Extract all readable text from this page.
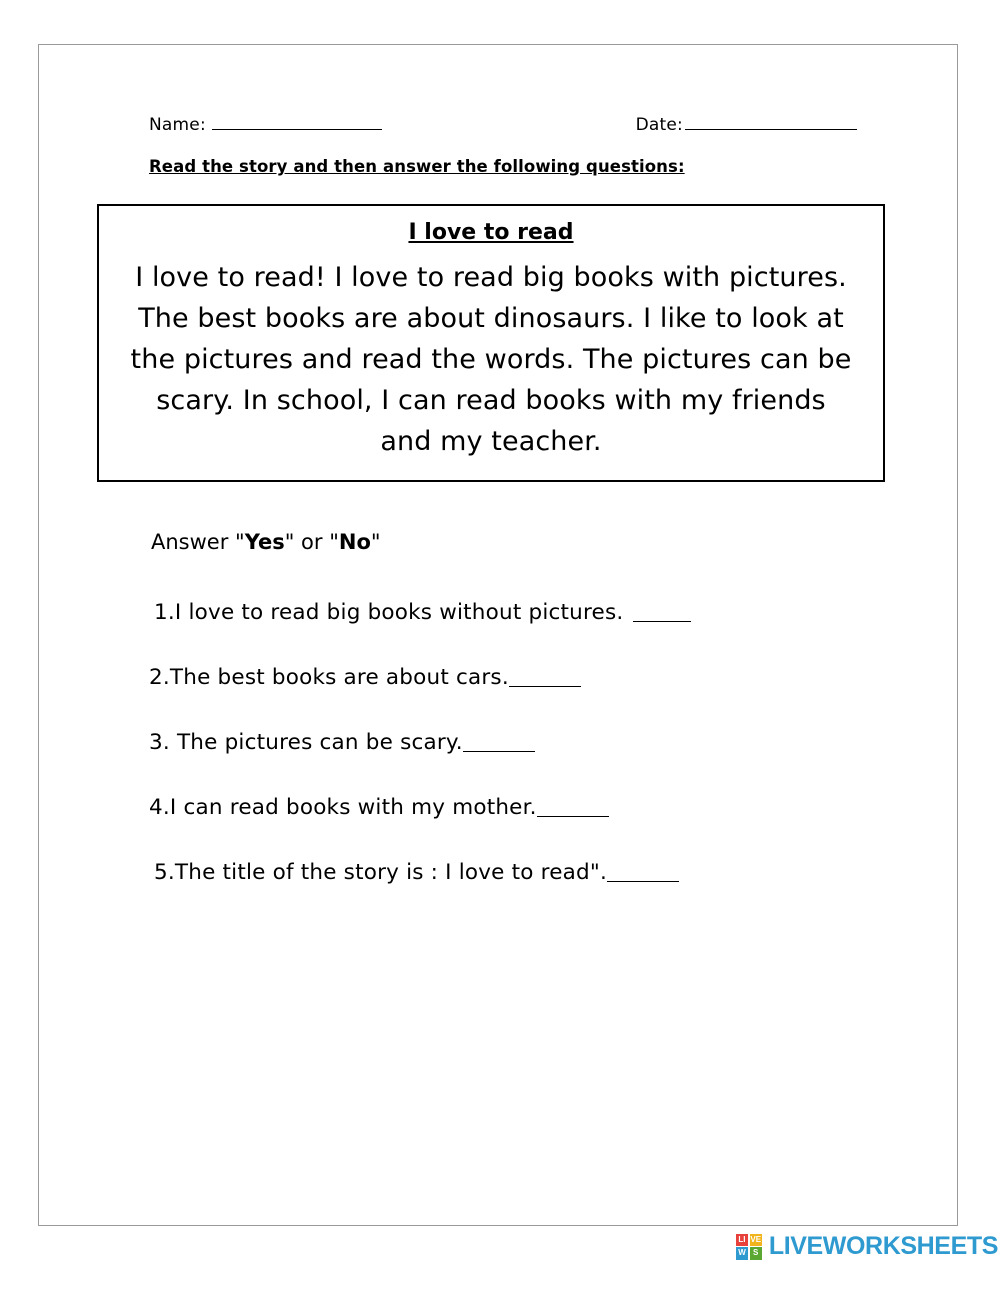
Name:	Date:
Read the story and then answer the following questions:
I love to read
I love to read! I love to read big books with pictures. The best books are about dinosaurs. I like to look at the pictures and read the words. The pictures can be scary. In school, I can read books with my friends and my teacher.
Answer "Yes" or "No"
1.I love to read big books without pictures.
2.The best books are about cars.
3. The pictures can be scary.
4.I can read books with my mother.
5.The title of the story is : I love to read".
LI VE
W S LIVEWORKSHEETS
